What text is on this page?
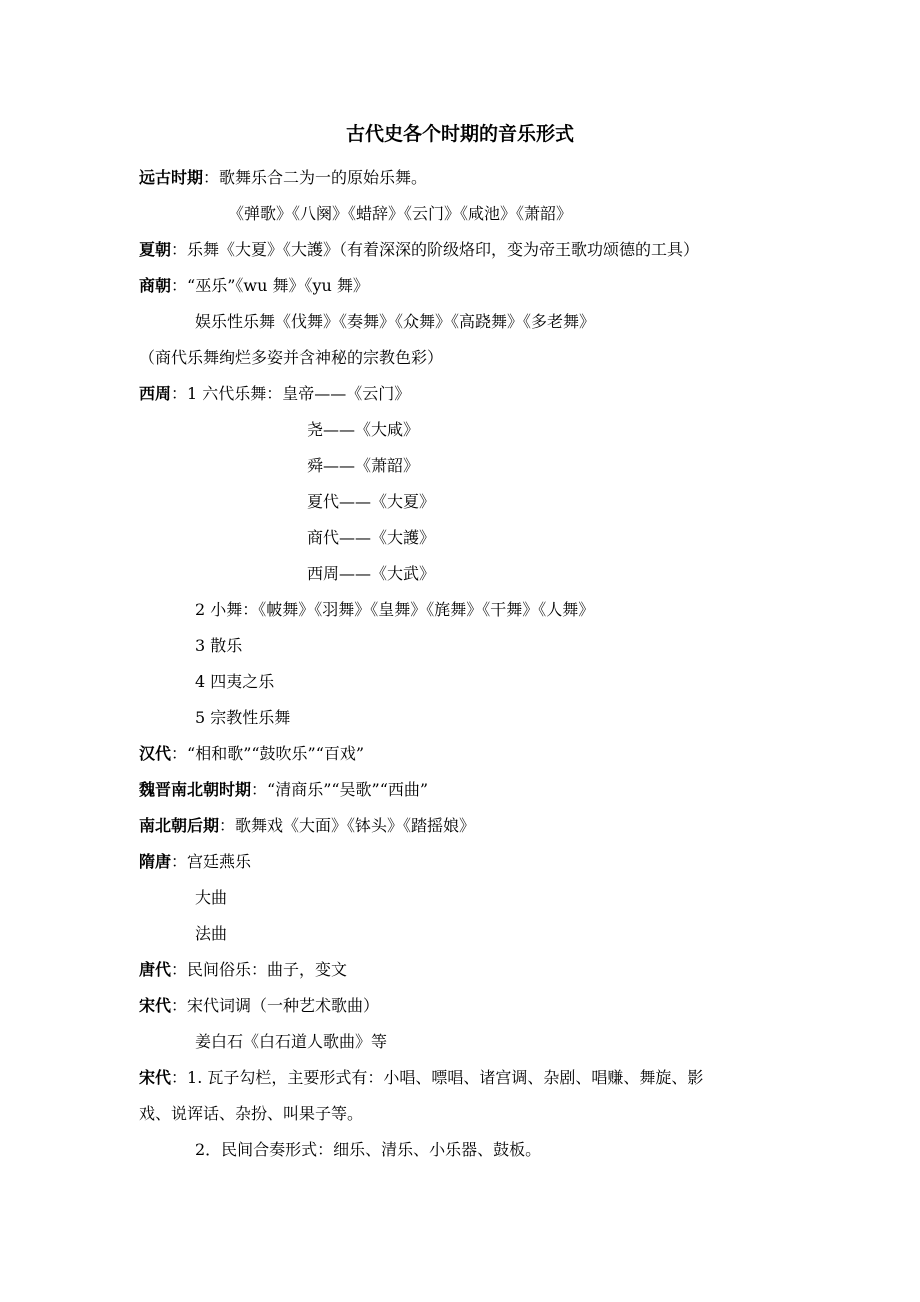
古代史各个时期的音乐形式
远古时期：歌舞乐合二为一的原始乐舞。
《弹歌》《八阕》《蜡辞》《云门》《咸池》《萧韶》
夏朝：乐舞《大夏》《大護》（有着深深的阶级烙印，变为帝王歌功颂德的工具）
商朝：“巫乐”《wu 舞》《yu 舞》
娱乐性乐舞《伐舞》《奏舞》《众舞》《高跷舞》《多老舞》
（商代乐舞绚烂多姿并含神秘的宗教色彩）
西周：1 六代乐舞：皇帝——《云门》
尧——《大咸》
舜——《萧韶》
夏代——《大夏》
商代——《大護》
西周——《大武》
2 小舞：《帔舞》《羽舞》《皇舞》《旄舞》《干舞》《人舞》
3 散乐
4 四夷之乐
5 宗教性乐舞
汉代：“相和歌”“鼓吹乐”“百戏”
魏晋南北朝时期：“清商乐”“吴歌”“西曲”
南北朝后期：歌舞戏《大面》《钵头》《踏摇娘》
隋唐：宫廷燕乐
大曲
法曲
唐代：民间俗乐：曲子，变文
宋代：宋代词调（一种艺术歌曲）
姜白石《白石道人歌曲》等
宋代：1. 瓦子勾栏，主要形式有：小唱、嘌唱、诸宫调、杂剧、唱赚、舞旋、影
戏、说诨话、杂扮、叫果子等。
2．民间合奏形式：细乐、清乐、小乐器、鼓板。
